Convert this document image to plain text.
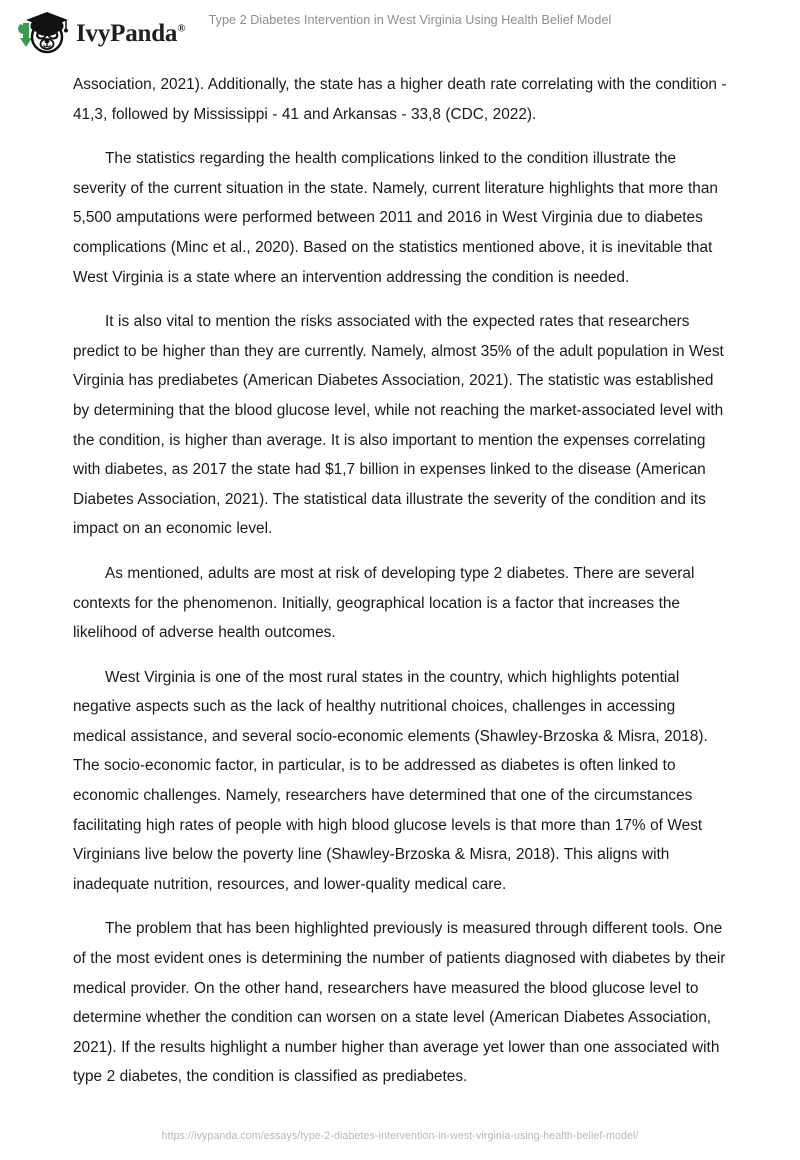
IvyPanda®
Type 2 Diabetes Intervention in West Virginia Using Health Belief Model

Association, 2021). Additionally, the state has a higher death rate correlating with the condition - 41,3, followed by Mississippi - 41 and Arkansas - 33,8 (CDC, 2022).

The statistics regarding the health complications linked to the condition illustrate the severity of the current situation in the state. Namely, current literature highlights that more than 5,500 amputations were performed between 2011 and 2016 in West Virginia due to diabetes complications (Minc et al., 2020). Based on the statistics mentioned above, it is inevitable that West Virginia is a state where an intervention addressing the condition is needed.

It is also vital to mention the risks associated with the expected rates that researchers predict to be higher than they are currently. Namely, almost 35% of the adult population in West Virginia has prediabetes (American Diabetes Association, 2021). The statistic was established by determining that the blood glucose level, while not reaching the market-associated level with the condition, is higher than average. It is also important to mention the expenses correlating with diabetes, as 2017 the state had $1,7 billion in expenses linked to the disease (American Diabetes Association, 2021). The statistical data illustrate the severity of the condition and its impact on an economic level.

As mentioned, adults are most at risk of developing type 2 diabetes. There are several contexts for the phenomenon. Initially, geographical location is a factor that increases the likelihood of adverse health outcomes.

West Virginia is one of the most rural states in the country, which highlights potential negative aspects such as the lack of healthy nutritional choices, challenges in accessing medical assistance, and several socio-economic elements (Shawley-Brzoska & Misra, 2018). The socio-economic factor, in particular, is to be addressed as diabetes is often linked to economic challenges. Namely, researchers have determined that one of the circumstances facilitating high rates of people with high blood glucose levels is that more than 17% of West Virginians live below the poverty line (Shawley-Brzoska & Misra, 2018). This aligns with inadequate nutrition, resources, and lower-quality medical care.

The problem that has been highlighted previously is measured through different tools. One of the most evident ones is determining the number of patients diagnosed with diabetes by their medical provider. On the other hand, researchers have measured the blood glucose level to determine whether the condition can worsen on a state level (American Diabetes Association, 2021). If the results highlight a number higher than average yet lower than one associated with type 2 diabetes, the condition is classified as prediabetes.

https://ivypanda.com/essays/type-2-diabetes-intervention-in-west-virginia-using-health-belief-model/
